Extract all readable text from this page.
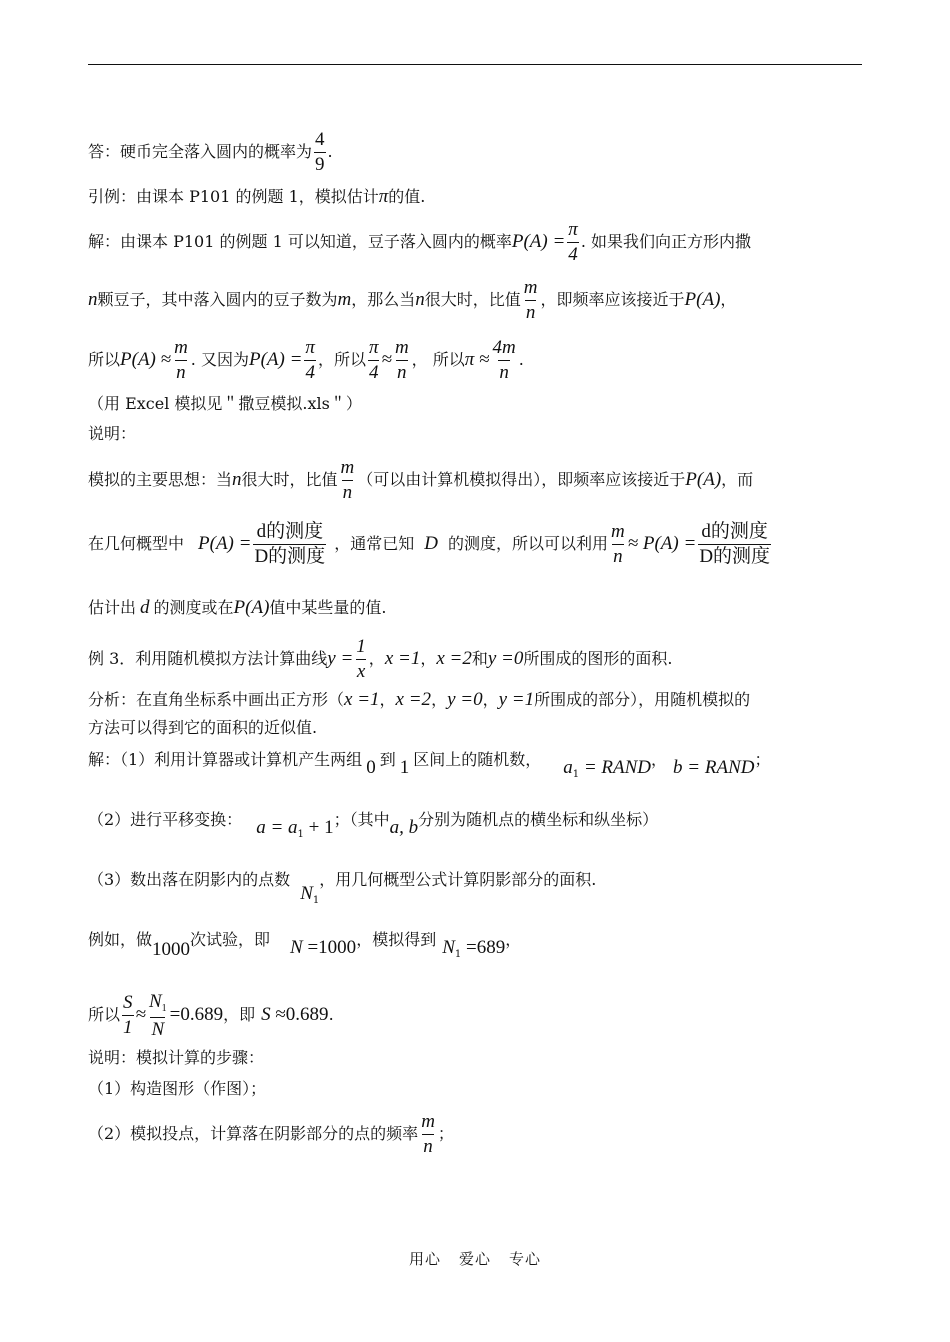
答：硬币完全落入圆内的概率为 $\frac{4}{9}$ .
引例：由课本 P101 的例题 1，模拟估计π的值.
解：由课本 P101 的例题 1 可以知道，豆子落入圆内的概率$P(A) = \frac{\pi}{4}$ . 如果我们向正方形内撒
n颗豆子，其中落入圆内的豆子数为m，那么当n很大时，比值 $\frac{m}{n}$ ，即频率应该接近于P(A)，
所以$P(A) \approx \frac{m}{n}$ . 又因为$P(A) = \frac{\pi}{4}$ ，所以 $\frac{\pi}{4} \approx \frac{m}{n}$ ， 所以$\pi \approx \frac{4m}{n}$ .
（用 Excel 模拟见＂撒豆模拟.xls＂）
说明：
模拟的主要思想：当n很大时，比值 $\frac{m}{n}$ （可以由计算机模拟得出），即频率应该接近于P(A)，而
在几何概型中 $P(A) = \frac{\text{d的测度}}{\text{D的测度}}$ ，通常已知 D 的测度，所以可以利用 $\frac{m}{n} \approx P(A) = \frac{\text{d的测度}}{\text{D的测度}}$
估计出 d 的测度或在P(A)值中某些量的值.
例 3．利用随机模拟方法计算曲线$y = \frac{1}{x}$ ，x =1，x =2和y =0所围成的图形的面积.
分析：在直角坐标系中画出正方形（x =1，x =2，y =0，y =1所围成的部分），用随机模拟的
方法可以得到它的面积的近似值.
解：（1）利用计算器或计算机产生两组 0 到 1 区间上的随机数， $a_1$ = RAND， b = RAND；
（2）进行平移变换： $a = a_1 + 1$；（其中a, b分别为随机点的横坐标和纵坐标）
（3）数出落在阴影内的点数$N_1$，用几何概型公式计算阴影部分的面积.
例如，做1000次试验，即 N =1000，模拟得到 $N_1 =689$，
所以 $\frac{S}{1} \approx \frac{N_1}{N} =0.689$，即 S ≈0.689.
说明：模拟计算的步骤：
（1）构造图形（作图）；
（2）模拟投点，计算落在阴影部分的点的频率 $\frac{m}{n}$ ；
用心 爱心 专心
